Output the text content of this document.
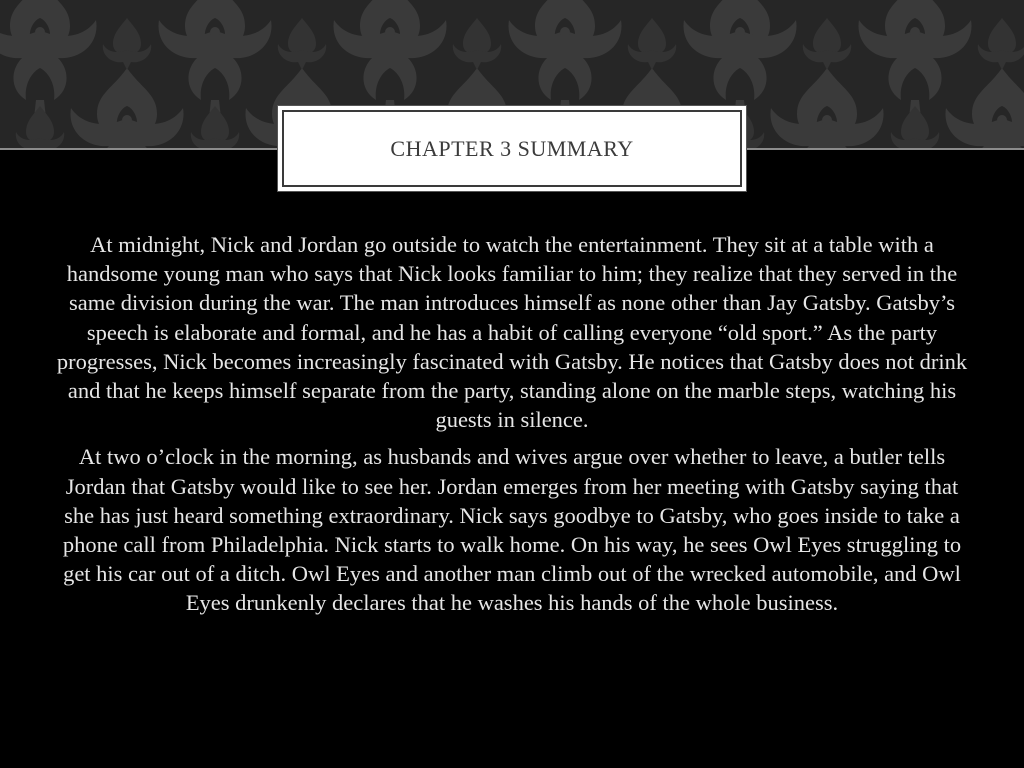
CHAPTER 3 SUMMARY

At midnight, Nick and Jordan go outside to watch the entertainment. They sit at a table with a handsome young man who says that Nick looks familiar to him; they realize that they served in the same division during the war. The man introduces himself as none other than Jay Gatsby. Gatsby’s speech is elaborate and formal, and he has a habit of calling everyone “old sport.” As the party progresses, Nick becomes increasingly fascinated with Gatsby. He notices that Gatsby does not drink and that he keeps himself separate from the party, standing alone on the marble steps, watching his guests in silence.

At two o’clock in the morning, as husbands and wives argue over whether to leave, a butler tells Jordan that Gatsby would like to see her. Jordan emerges from her meeting with Gatsby saying that she has just heard something extraordinary. Nick says goodbye to Gatsby, who goes inside to take a phone call from Philadelphia. Nick starts to walk home. On his way, he sees Owl Eyes struggling to get his car out of a ditch. Owl Eyes and another man climb out of the wrecked automobile, and Owl Eyes drunkenly declares that he washes his hands of the whole business.
